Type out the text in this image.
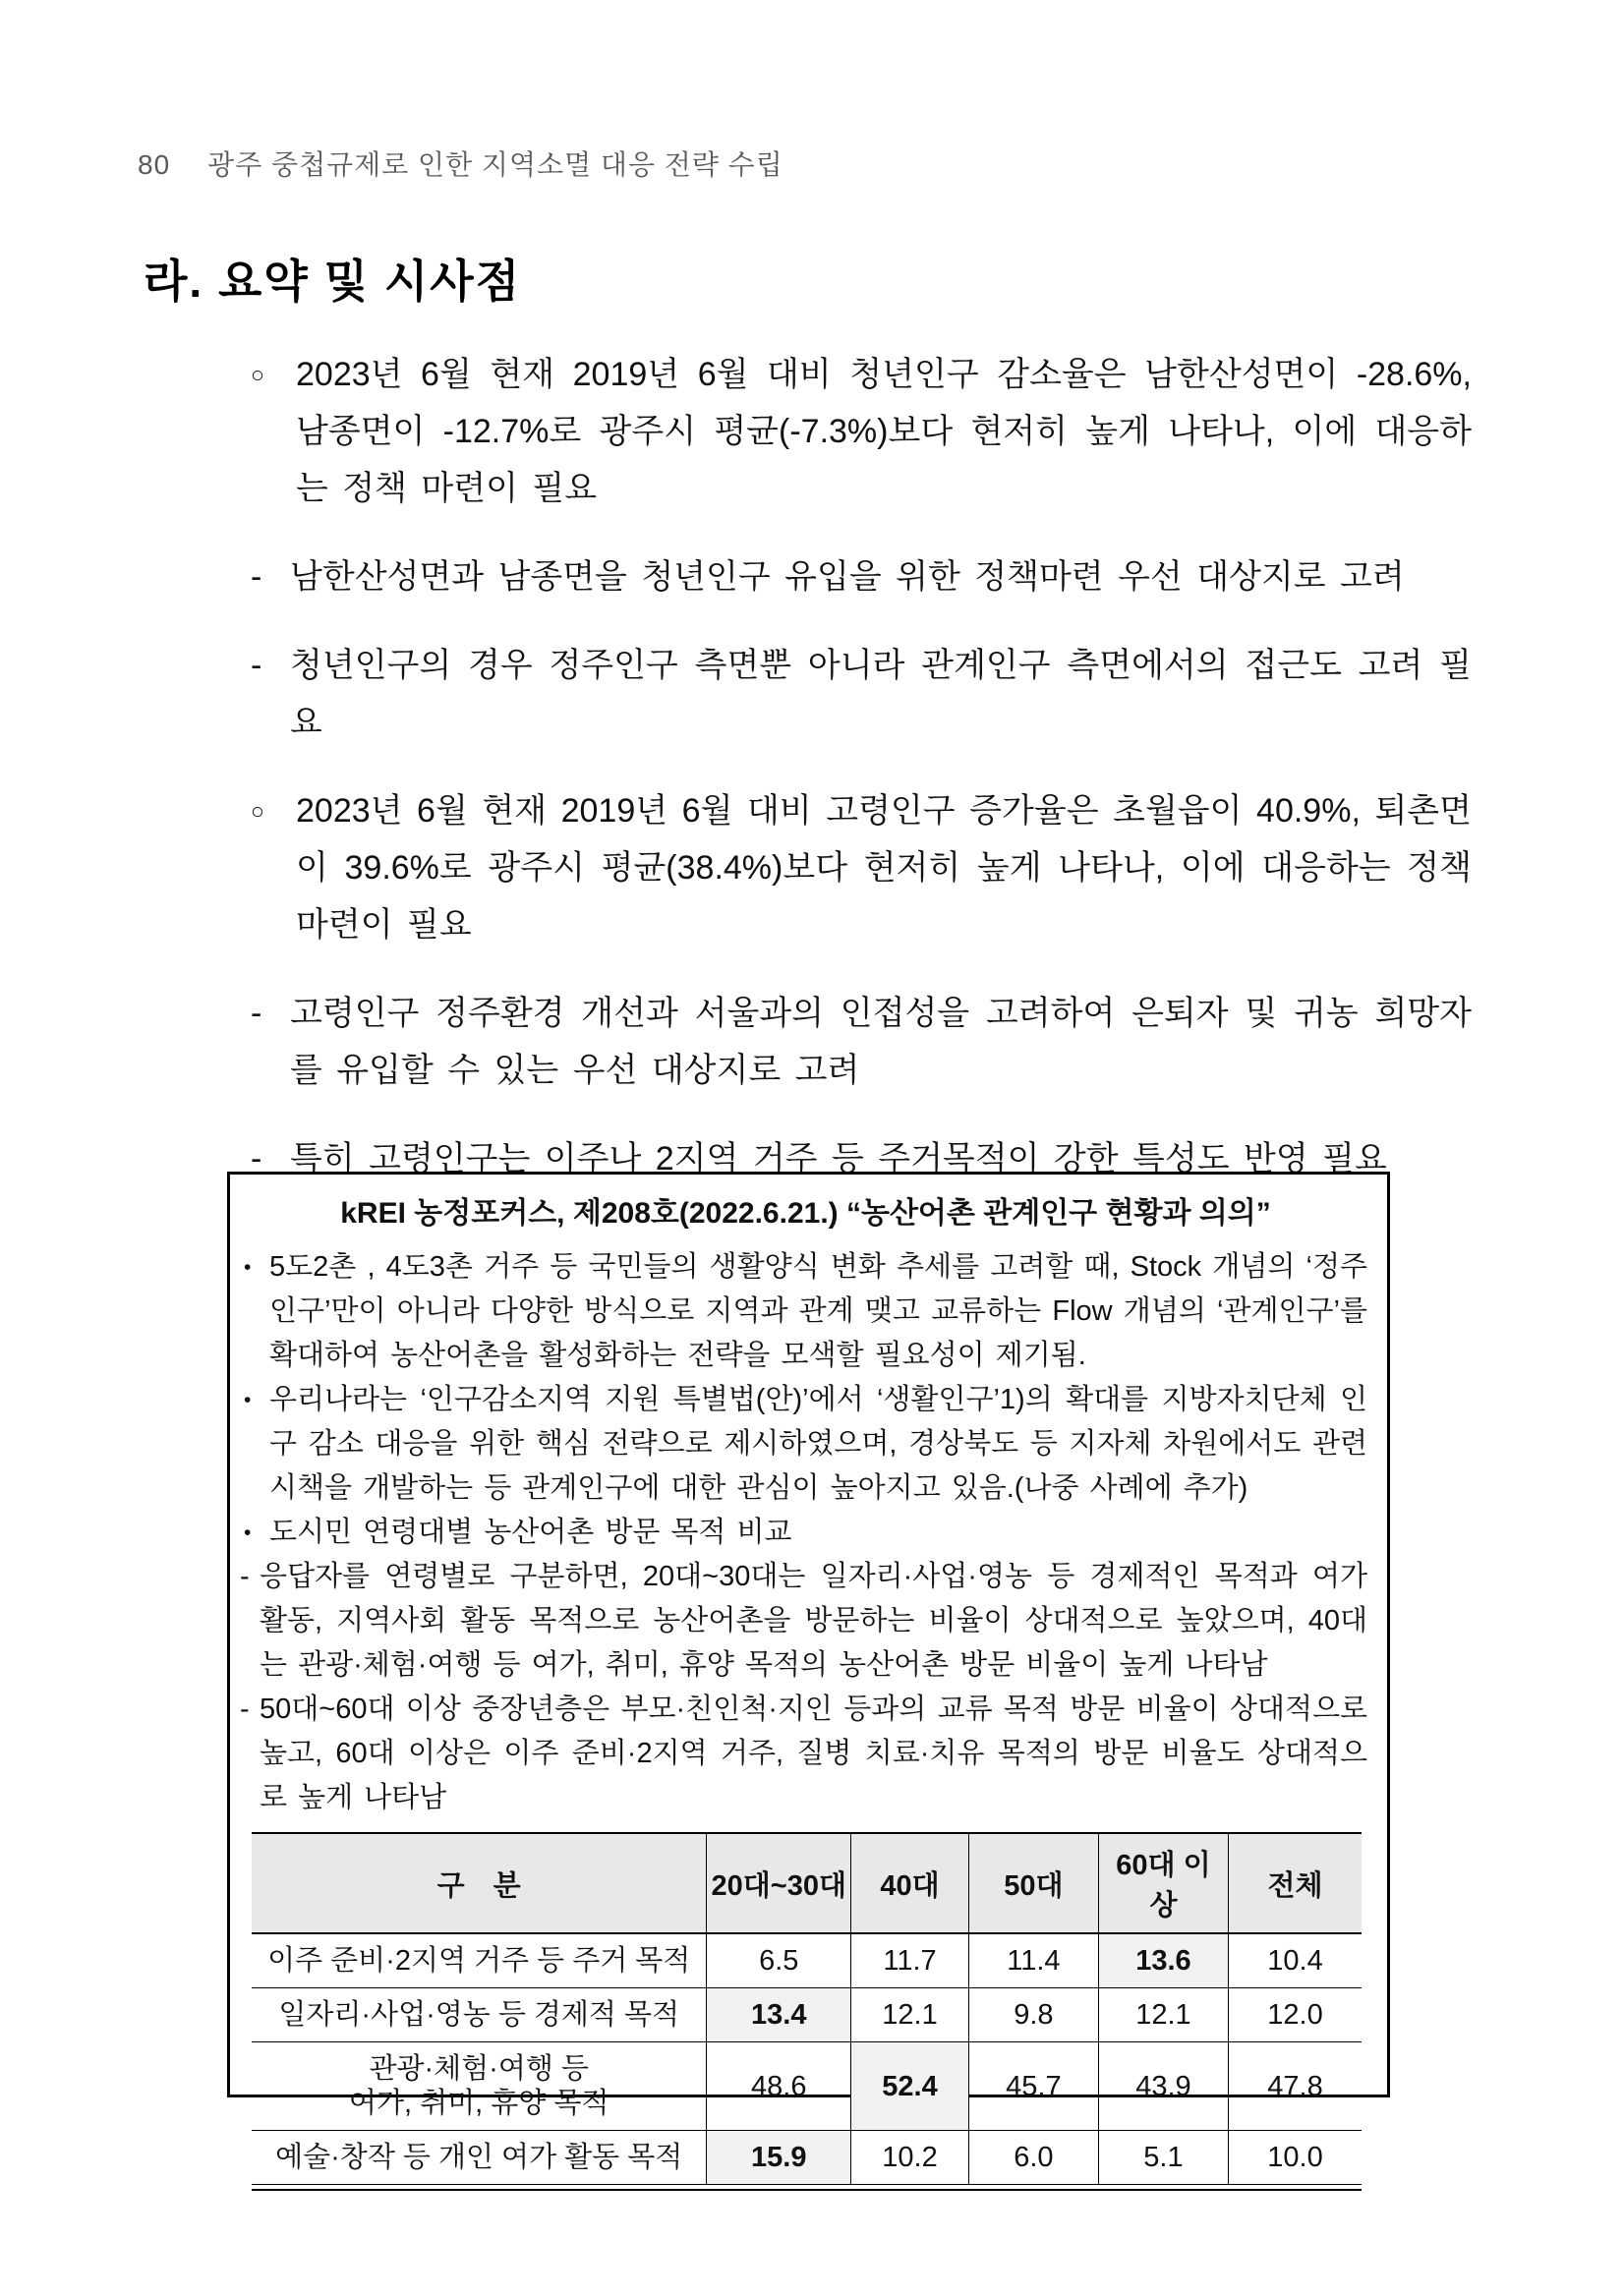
80 광주 중첩규제로 인한 지역소멸 대응 전략 수립
라. 요약 및 시사점
○ 2023년 6월 현재 2019년 6월 대비 청년인구 감소율은 남한산성면이 -28.6%, 남종면이 -12.7%로 광주시 평균(-7.3%)보다 현저히 높게 나타나, 이에 대응하는 정책 마련이 필요
- 남한산성면과 남종면을 청년인구 유입을 위한 정책마련 우선 대상지로 고려
- 청년인구의 경우 정주인구 측면뿐 아니라 관계인구 측면에서의 접근도 고려 필요
○ 2023년 6월 현재 2019년 6월 대비 고령인구 증가율은 초월읍이 40.9%, 퇴촌면이 39.6%로 광주시 평균(38.4%)보다 현저히 높게 나타나, 이에 대응하는 정책 마련이 필요
- 고령인구 정주환경 개선과 서울과의 인접성을 고려하여 은퇴자 및 귀농 희망자를 유입할 수 있는 우선 대상지로 고려
- 특히 고령인구는 이주나 2지역 거주 등 주거목적이 강한 특성도 반영 필요
kREI 농정포커스, 제208호(2022.6.21.) “농산어촌 관계인구 현황과 의의”
• 5도2촌 , 4도3촌 거주 등 국민들의 생활양식 변화 추세를 고려할 때, Stock 개념의 ‘정주인구’만이 아니라 다양한 방식으로 지역과 관계 맺고 교류하는 Flow 개념의 ‘관계인구’를 확대하여 농산어촌을 활성화하는 전략을 모색할 필요성이 제기됨.
• 우리나라는 ‘인구감소지역 지원 특별법(안)’에서 ‘생활인구’1)의 확대를 지방자치단체 인구 감소 대응을 위한 핵심 전략으로 제시하였으며, 경상북도 등 지자체 차원에서도 관련 시책을 개발하는 등 관계인구에 대한 관심이 높아지고 있음.(나중 사례에 추가)
• 도시민 연령대별 농산어촌 방문 목적 비교
- 응답자를 연령별로 구분하면, 20대~30대는 일자리·사업·영농 등 경제적인 목적과 여가 활동, 지역사회 활동 목적으로 농산어촌을 방문하는 비율이 상대적으로 높았으며, 40대는 관광·체험·여행 등 여가, 취미, 휴양 목적의 농산어촌 방문 비율이 높게 나타남
- 50대~60대 이상 중장년층은 부모·친인척·지인 등과의 교류 목적 방문 비율이 상대적으로 높고, 60대 이상은 이주 준비·2지역 거주, 질병 치료·치유 목적의 방문 비율도 상대적으로 높게 나타남
구　분	20대~30대	40대	50대	60대 이상	전체
이주 준비·2지역 거주 등 주거 목적	6.5	11.7	11.4	13.6	10.4
일자리·사업·영농 등 경제적 목적	13.4	12.1	9.8	12.1	12.0
관광·체험·여행 등
여가, 취미, 휴양 목적	48.6	52.4	45.7	43.9	47.8
예술·창작 등 개인 여가 활동 목적	15.9	10.2	6.0	5.1	10.0
